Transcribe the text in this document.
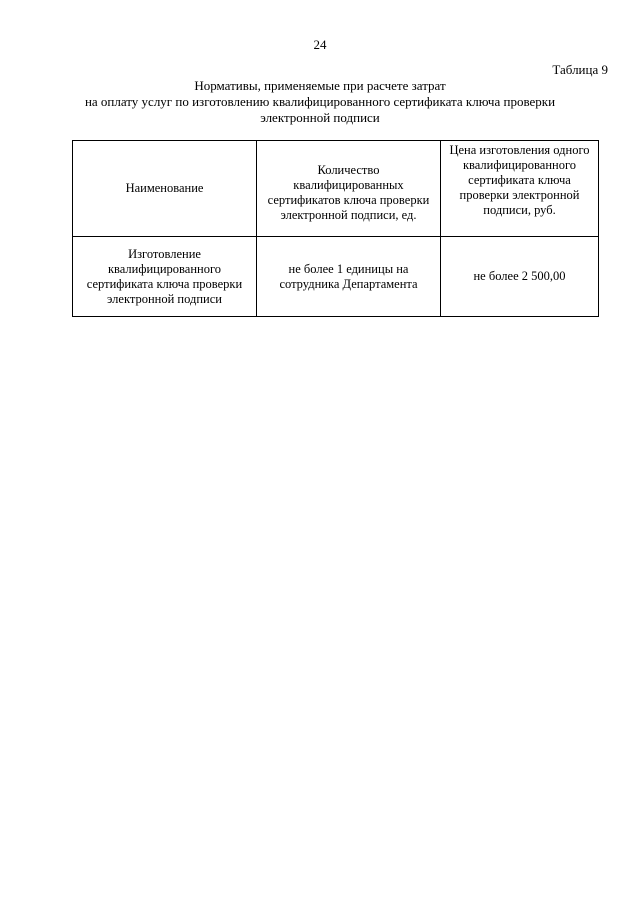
24
Таблица 9
Нормативы, применяемые при расчете затрат
на оплату услуг по изготовлению квалифицированного сертификата ключа проверки
электронной подписи
Наименование	Количество квалифицированных сертификатов ключа проверки электронной подписи, ед.	Цена изготовления одного квалифицированного сертификата ключа проверки электронной подписи, руб.
Изготовление квалифицированного сертификата ключа проверки электронной подписи	не более 1 единицы на сотрудника Департамента	не более 2 500,00
